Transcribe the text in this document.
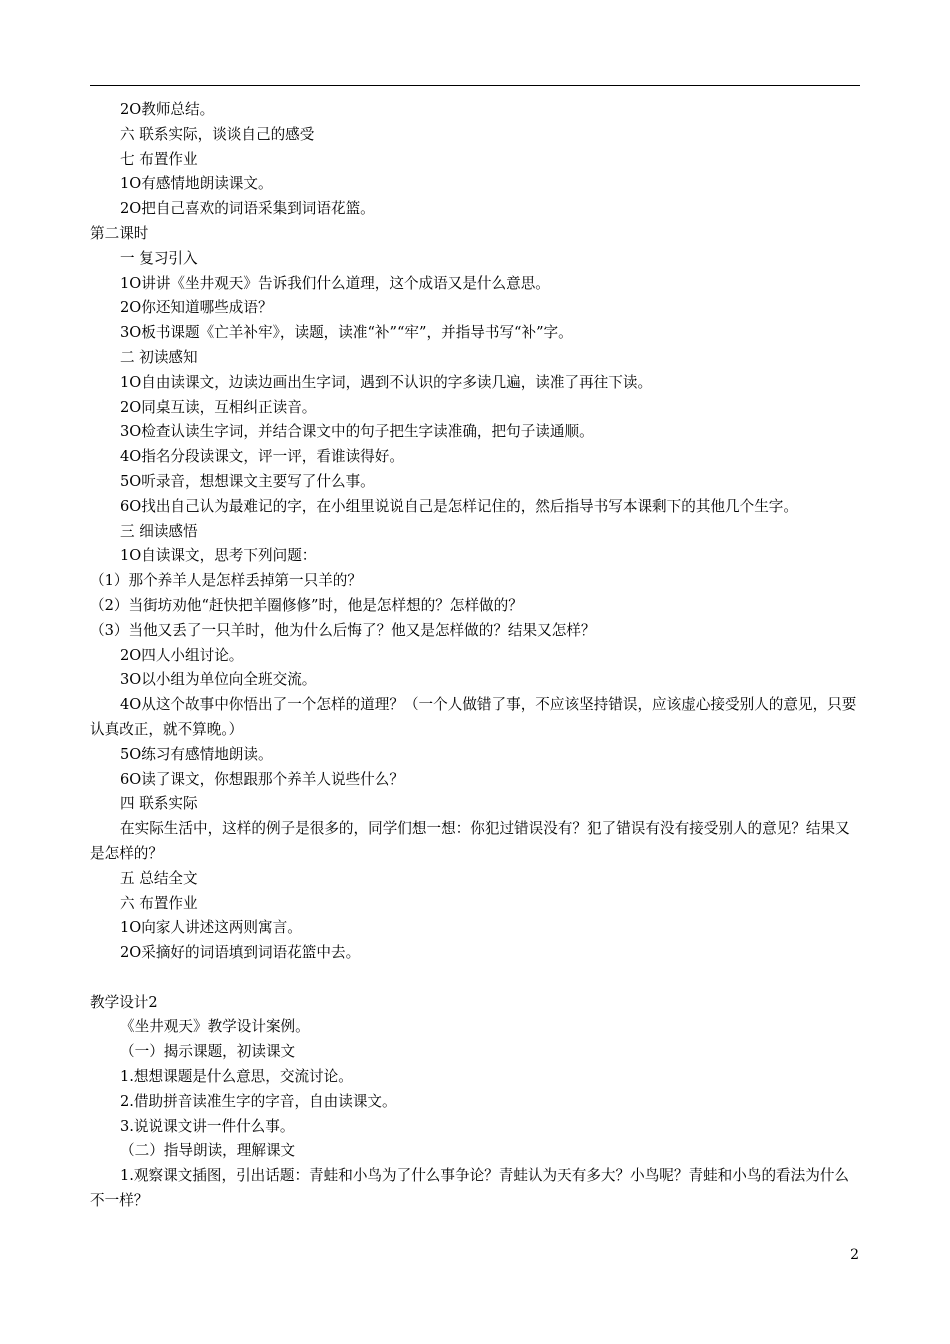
2О教师总结。

六 联系实际，谈谈自己的感受

七 布置作业

1О有感情地朗读课文。

2О把自己喜欢的词语采集到词语花篮。

第二课时

一 复习引入

1О讲讲《坐井观天》告诉我们什么道理，这个成语又是什么意思。

2О你还知道哪些成语？

3О板书课题《亡羊补牢》，读题，读准“补”“牢”，并指导书写“补”字。

二 初读感知

1О自由读课文，边读边画出生字词，遇到不认识的字多读几遍，读准了再往下读。

2О同桌互读，互相纠正读音。

3О检查认读生字词，并结合课文中的句子把生字读准确，把句子读通顺。

4О指名分段读课文，评一评，看谁读得好。

5О听录音，想想课文主要写了什么事。

6О找出自己认为最难记的字，在小组里说说自己是怎样记住的，然后指导书写本课剩下的其他几个生字。

三 细读感悟

1О自读课文，思考下列问题：

（1）那个养羊人是怎样丢掉第一只羊的？

（2）当街坊劝他“赶快把羊圈修修”时，他是怎样想的？怎样做的？

（3）当他又丢了一只羊时，他为什么后悔了？他又是怎样做的？结果又怎样？

2О四人小组讨论。

3О以小组为单位向全班交流。

4О从这个故事中你悟出了一个怎样的道理？（一个人做错了事，不应该坚持错误，应该虚心接受别人的意见，只要认真改正，就不算晚。）

5О练习有感情地朗读。

6О读了课文，你想跟那个养羊人说些什么？

四 联系实际

在实际生活中，这样的例子是很多的，同学们想一想：你犯过错误没有？犯了错误有没有接受别人的意见？结果又是怎样的？

五 总结全文

六 布置作业

1О向家人讲述这两则寓言。

2О采摘好的词语填到词语花篮中去。

教学设计2

《坐井观天》教学设计案例。

（一）揭示课题，初读课文

1.想想课题是什么意思，交流讨论。

2.借助拼音读准生字的字音，自由读课文。

3.说说课文讲一件什么事。

（二）指导朗读，理解课文

1.观察课文插图，引出话题：青蛙和小鸟为了什么事争论？青蛙认为天有多大？小鸟呢？青蛙和小鸟的看法为什么不一样？

2
